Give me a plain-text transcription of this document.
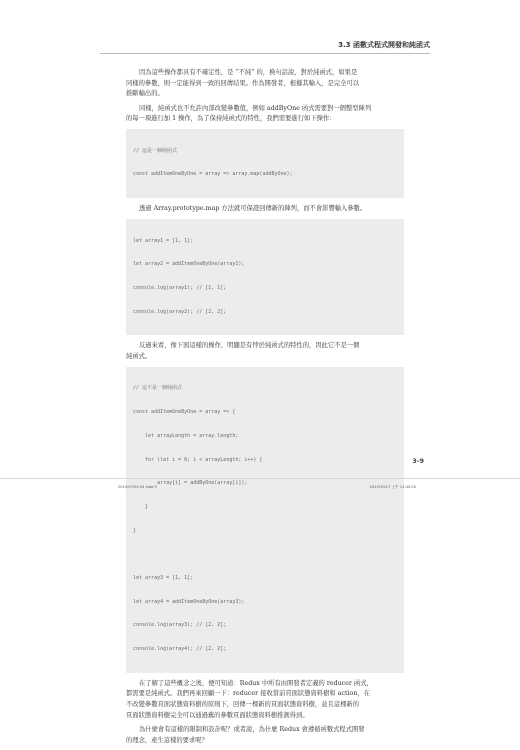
3.3 函數式程式開發和純函式
因為這些操作都具有不確定性，是 “不純” 的，換句話說，對於純函式，如果是
同樣的參數，則一定能得到一致的回傳結果。作為開發者，根據其輸入，是完全可以
推斷輸出的。
同樣，純函式也不允許內部改變參數值，例如 addByOne 函式需要對一個整型陣列
的每一項進行加 1 操作，為了保持純函式的特性，我們需要進行如下操作：

// 這是一個純函式

const addItemOneByOne = array => array.map(addByOne);

透過 Array.prototype.map 方法就可保證回傳新的陣列，而不會影響輸入參數。

let array1 = [1, 1];

let array2 = addItemOneByOne(array1);

console.log(array1); // [1, 1];

console.log(array2); // [2, 2];

反過來看，像下面這樣的操作，明顯是有悖於純函式的特性的，因此它不是一個
純函式。

// 這不是一個純函式

const addItemOneByOne = array => {

let arrayLength = array.length;

for (let i = 0; i < arrayLength; i++) {

array[i] = addByOne(array[i]);

}

}

let array3 = [1, 1];

let array4 = addItemOneByOne(array3);

console.log(array3); // [2, 2];

console.log(array4); // [2, 2];

在了解了這些概念之後，便可知道：Redux 中所有由開發者定義的 reducer 函式，
都需要是純函式。我們再來回顧一下：reducer 接收當前頁面狀態資料樹和 action，在
不改變參數頁面狀態資料樹的原則下，回傳一棵新的頁面狀態資料樹，並且這棵新的
頁面狀態資料樹完全可以通過舊的參數頁面狀態資料樹推測得到。
為什麼會有這樣的限制和設計呢？或者說，為什麼 Redux 會遵循函數式程式開發
的理念，產生這樣的要求呢？
3-9
2019/07/03 04 indd 9	2019/10/17 上午 11:45:20
